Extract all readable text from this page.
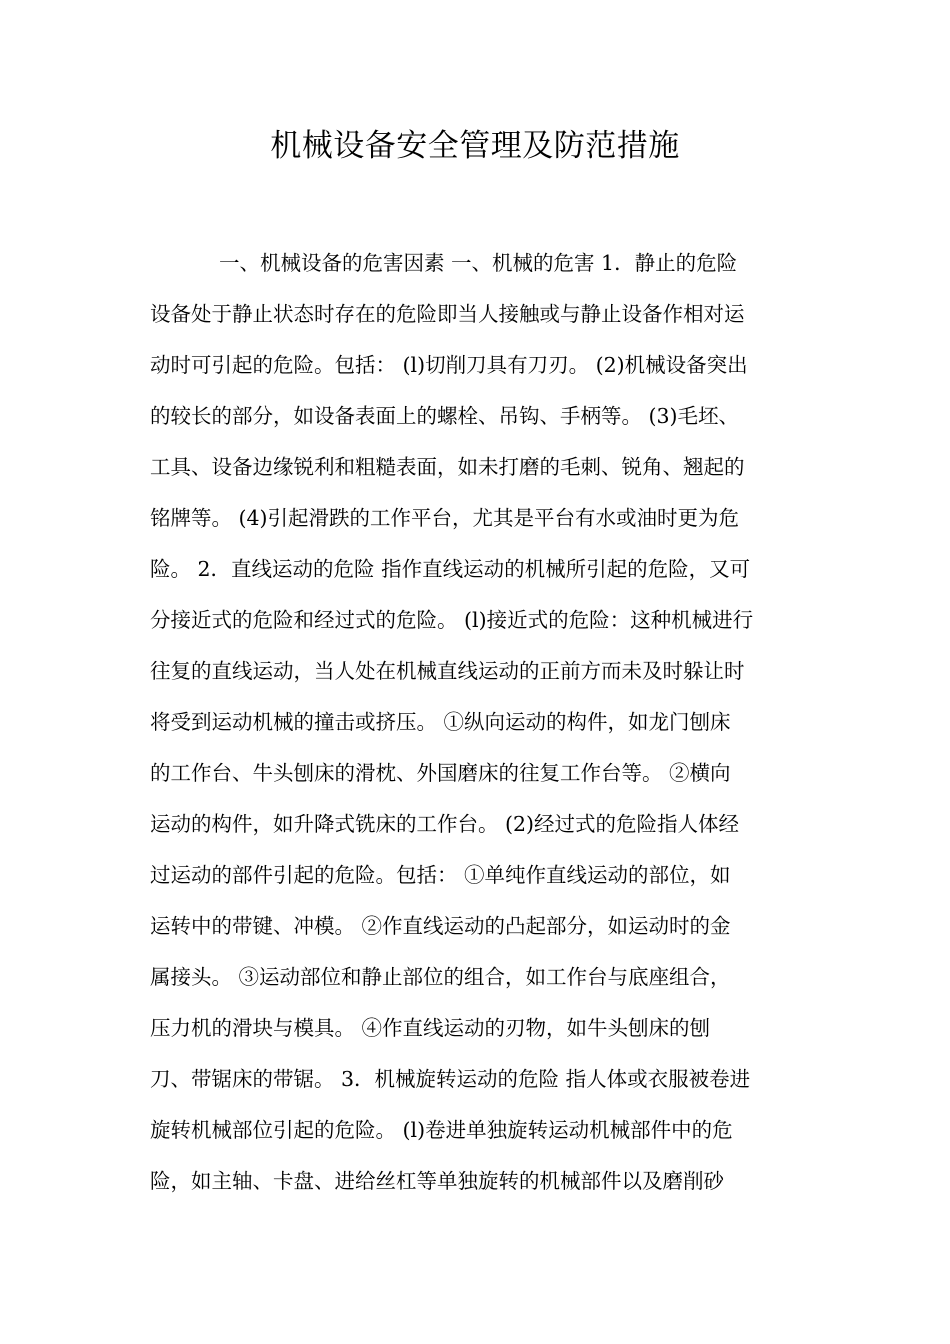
机械设备安全管理及防范措施
一、机械设备的危害因素 一、机械的危害 1．静止的危险
设备处于静止状态时存在的危险即当人接触或与静止设备作相对运
动时可引起的危险。包括： (l)切削刀具有刀刃。 (2)机械设备突出
的较长的部分，如设备表面上的螺栓、吊钩、手柄等。 (3)毛坯、
工具、设备边缘锐利和粗糙表面，如未打磨的毛刺、锐角、翘起的
铭牌等。 (4)引起滑跌的工作平台，尤其是平台有水或油时更为危
险。 2．直线运动的危险 指作直线运动的机械所引起的危险，又可
分接近式的危险和经过式的危险。 (l)接近式的危险：这种机械进行
往复的直线运动，当人处在机械直线运动的正前方而未及时躲让时
将受到运动机械的撞击或挤压。 ①纵向运动的构件，如龙门刨床
的工作台、牛头刨床的滑枕、外国磨床的往复工作台等。 ②横向
运动的构件，如升降式铣床的工作台。 (2)经过式的危险指人体经
过运动的部件引起的危险。包括： ①单纯作直线运动的部位，如
运转中的带键、冲模。 ②作直线运动的凸起部分，如运动时的金
属接头。 ③运动部位和静止部位的组合，如工作台与底座组合，
压力机的滑块与模具。 ④作直线运动的刃物，如牛头刨床的刨
刀、带锯床的带锯。 3．机械旋转运动的危险 指人体或衣服被卷进
旋转机械部位引起的危险。 (l)卷进单独旋转运动机械部件中的危
险，如主轴、卡盘、进给丝杠等单独旋转的机械部件以及磨削砂
